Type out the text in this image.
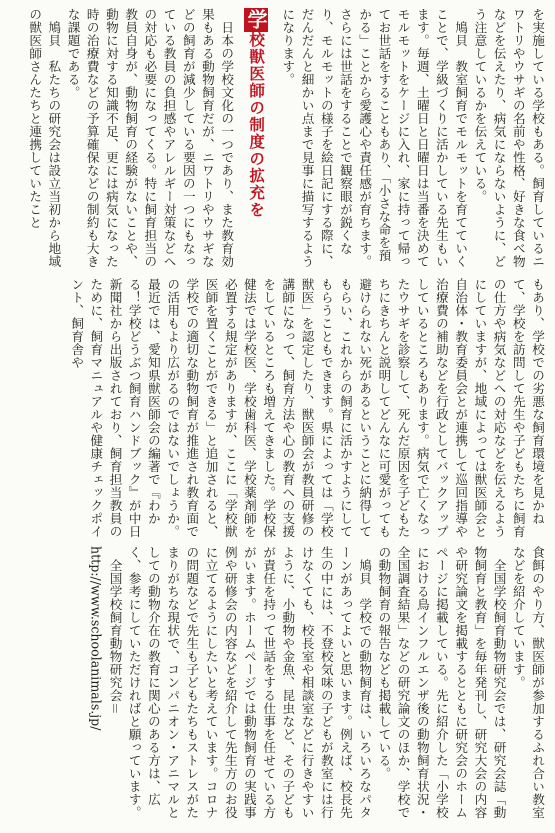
を実施している学校もある。飼育しているニワトリやウサギの名前や性格、好きな食べ物などを伝えたり、病気にならないように、どう注意しているかを伝えている。

鳩貝　教室飼育でモルモットを育てていくことで、学級づくりに活かしている先生もいます。毎週、土曜日と日曜日は当番を決めてモルモットをケージに入れ、家に持って帰ってお世話をすることもあり、「小さな命を預かる」ことから愛護心や責任感が育ちます。さらには世話をすることで観察眼が鋭くなり、モルモットの様子を絵日記にする際に、だんだんと細かい点まで見事に描写するようになります。

学校獣医師の制度の拡充を

日本の学校文化の一つであり、また教育効果もある動物飼育だが、ニワトリやウサギなどの飼育が減少している要因の一つにもなっている教員の負担感やアレルギー対策などへの対応も必要になってくる。特に飼育担当の教員自身が、動物飼育の経験がないことや、動物に対する知識不足、更には病気になった時の治療費などの予算確保などの制約も大きな課題である。

鳩貝　私たちの研究会は設立当初から地域の獣医師さんたちと連携していたこと

もあり、学校での劣悪な飼育環境を見かねて、学校を訪問して先生や子どもたちに飼育の仕方や病気などへの対応などを伝えるようにしていますが、地域によっては獣医師会と自治体・教育委員会とが連携して巡回指導や治療費の補助などを行政としてバックアップしているところもあります。病気で亡くなったウサギを診察して、死んだ原因を子どもたちにきちんと説明してどんなに可愛がっても避けられない死があるということに納得してもらい、これからの飼育に活かすようにしてもらうこともできます。県によっては「学校獣医」を認定したり、獣医師会が教員研修の講師になって、飼育方法や心の教育への支援をしているところも増えてきました。学校保健法では学校医、学校歯科医、学校薬剤師を必置する規定がありますが、ここに「学校獣医師を置くことができる」と追加されると、学校での適切な動物飼育が推進され教育面での活用もより広がるのではないでしょうか。最近では、愛知県獣医師会の編著で『わかる！学校どうぶつ飼育ハンドブック』が中日新聞社から出版されており、飼育担当教員のために、飼育マニュアルや健康チェックポイント、飼育舎や

食餌のやり方、獣医師が参加するふれ合い教室などを紹介しています。

全国学校飼育動物研究会では、研究会誌「動物飼育と教育」を毎年発刊し、研究大会の内容や研究論文を掲載するとともに研究会のホームページに掲載している。先に紹介した「小学校における鳥インフルエンザ後の動物飼育状況・全国調査結果」などの研究論文のほか、学校での動物飼育の報告なども掲載している。

鳩貝　学校での動物飼育は、いろいろなパターンがあってよいと思います。例えば、校長先生の中には、不登校気味の子どもが教室には行けなくても、校長室や相談室などに行きやすいように、小動物や金魚、昆虫など、その子どもが責任を持って世話をする仕事を任せている方がいます。ホームページでは動物飼育の実践事例や研修会の内容などを紹介して先生方のお役に立てるようにしたいと考えています。コロナの問題などで先生も子どもたちもストレスがたまりがちな現状で、コンパニオン・アニマルとしての動物介在の教育に関心のある方は、広く、参考にしていただければと願っています。

全国学校飼育動物研究会＝http://www.schoolanimals.jp/
